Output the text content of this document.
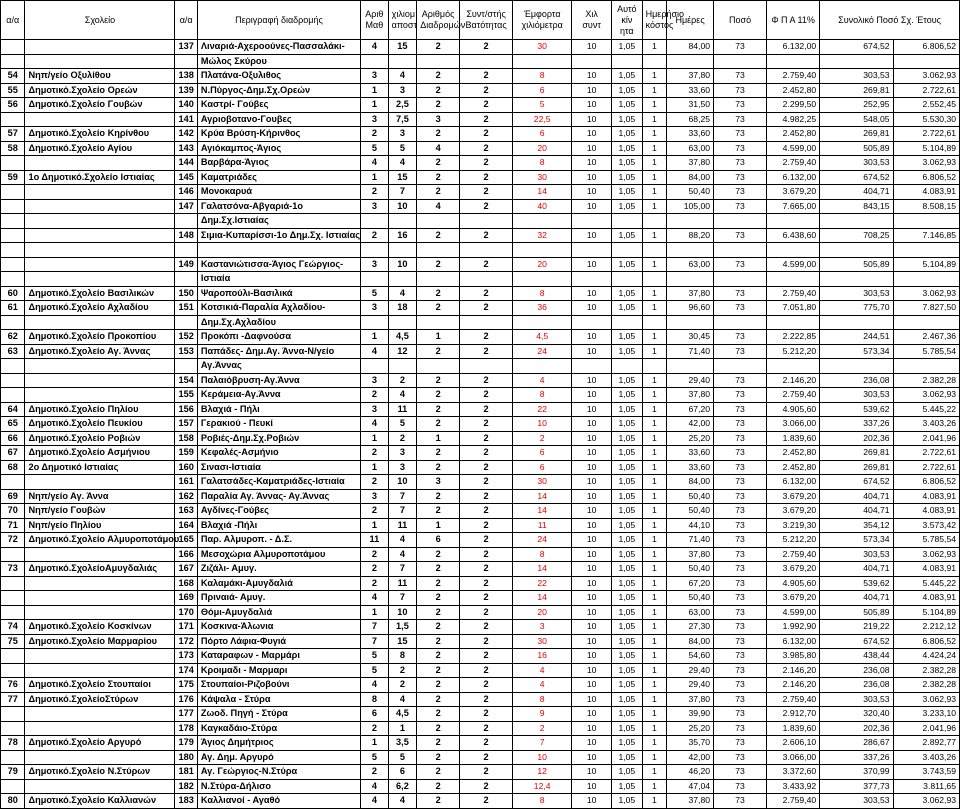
α/α	Σχολείο	α/α	Περιγραφή διαδρομής	Αριθ Μαθ	χιλιομ αποστ	Αριθμός Διαδρομών	Συντ/στής Βατότητας	Έμφορτα χιλιόμετρα	Χιλ συντ	Αυτό κίν ητα	Ημερήσιο κόστος	Ημέρες	Ποσό	Φ Π Α 11%	Συνολικό Ποσό Σχ. Έτους	
		137	Λιναριά-Αχεροούνες-Πασσαλάκι-	4	15	2	2	30	10	1,05	1	84,00	73	6.132,00	674,52	6.806,52
			Μώλος Σκύρου													
54	Νηπ/γείο Οξυλίθου	138	Πλατάνα-Οξυλιθος	3	4	2	2	8	10	1,05	1	37,80	73	2.759,40	303,53	3.062,93
55	Δημοτικό.Σχολείο Ορεών	139	Ν.Πύργος-Δημ.Σχ.Ορεών	1	3	2	2	6	10	1,05	1	33,60	73	2.452,80	269,81	2.722,61
56	Δημοτικό.Σχολείο Γουβών	140	Καστρί- Γούβες	1	2,5	2	2	5	10	1,05	1	31,50	73	2.299,50	252,95	2.552,45
		141	Αγριοβοτανο-Γουβες	3	7,5	3	2	22,5	10	1,05	1	68,25	73	4.982,25	548,05	5.530,30
57	Δημοτικό.Σχολείο Κηρίνθου	142	Κρύα Βρύση-Κήρινθος	2	3	2	2	6	10	1,05	1	33,60	73	2.452,80	269,81	2.722,61
58	Δημοτικό.Σχολείο Αγίου	143	Αγιόκαμπος-Άγιος	5	5	4	2	20	10	1,05	1	63,00	73	4.599,00	505,89	5.104,89
		144	Βαρβάρα-Άγιος	4	4	2	2	8	10	1,05	1	37,80	73	2.759,40	303,53	3.062,93
59	1ο Δημοτικό.Σχολείο Ιστιαίας	145	Καματριάδες	1	15	2	2	30	10	1,05	1	84,00	73	6.132,00	674,52	6.806,52
		146	Μονοκαρυά	2	7	2	2	14	10	1,05	1	50,40	73	3.679,20	404,71	4.083,91
		147	Γαλατσόνα-Αβγαριά-1ο	3	10	4	2	40	10	1,05	1	105,00	73	7.665,00	843,15	8.508,15
			Δημ.Σχ.Ιστιαίας													
		148	Σιμια-Κυπαρίσσι-1ο Δημ.Σχ. Ιστιαίας	2	16	2	2	32	10	1,05	1	88,20	73	6.438,60	708,25	7.146,85

		149	Καστανιώτισσα-Άγιος Γεώργιος-	3	10	2	2	20	10	1,05	1	63,00	73	4.599,00	505,89	5.104,89
			Ιστιαία													
60	Δημοτικό.Σχολείο Βασιλικών	150	Ψαροπούλι-Βασιλικά	5	4	2	2	8	10	1,05	1	37,80	73	2.759,40	303,53	3.062,93
61	Δημοτικό.Σχολείο Αχλαδίου	151	Κοτσικιά-Παραλία Αχλαδίου-	3	18	2	2	36	10	1,05	1	96,60	73	7.051,80	775,70	7.827,50
			Δημ.Σχ.Αχλαδίου													
62	Δημοτικό.Σχολείο Προκοπίου	152	Προκόπι -Δαφνούσα	1	4,5	1	2	4,5	10	1,05	1	30,45	73	2.222,85	244,51	2.467,36
63	Δημοτικό.Σχολείο Αγ. Άννας	153	Παπάδες- Δημ.Αγ. Άννα-Ν/γείο	4	12	2	2	24	10	1,05	1	71,40	73	5.212,20	573,34	5.785,54
			Αγ.Άννας													
		154	Παλαιόβρυση-Αγ.Άννα	3	2	2	2	4	10	1,05	1	29,40	73	2.146,20	236,08	2.382,28
		155	Κεράμεια-Αγ.Άννα	2	4	2	2	8	10	1,05	1	37,80	73	2.759,40	303,53	3.062,93
64	Δημοτικό.Σχολείο Πηλίου	156	Βλαχιά - Πήλι	3	11	2	2	22	10	1,05	1	67,20	73	4.905,60	539,62	5.445,22
65	Δημοτικό.Σχολείο Πευκίου	157	Γερακιού - Πευκί	4	5	2	2	10	10	1,05	1	42,00	73	3.066,00	337,26	3.403,26
66	Δημοτικό.Σχολείο Ροβιών	158	Ροβιές-Δημ.Σχ.Ροβιών	1	2	1	2	2	10	1,05	1	25,20	73	1.839,60	202,36	2.041,96
67	Δημοτικό.Σχολείο Ασμήνιου	159	Κεφαλές-Ασμήνιο	2	3	2	2	6	10	1,05	1	33,60	73	2.452,80	269,81	2.722,61
68	2ο Δημοτικό Ιστιαίας	160	Σινασι-Ιστιαία	1	3	2	2	6	10	1,05	1	33,60	73	2.452,80	269,81	2.722,61
		161	Γαλατσάδες-Καματριάδες-Ιστιαία	2	10	3	2	30	10	1,05	1	84,00	73	6.132,00	674,52	6.806,52
69	Νηπ/γείο Αγ. Άννα	162	Παραλία Αγ. Άννας- Αγ.Άννας	3	7	2	2	14	10	1,05	1	50,40	73	3.679,20	404,71	4.083,91
70	Νηπ/γείο Γουβών	163	Αγδίνες-Γούβες	2	7	2	2	14	10	1,05	1	50,40	73	3.679,20	404,71	4.083,91
71	Νηπ/γείο Πηλίου	164	Βλαχιά -Πήλι	1	11	1	2	11	10	1,05	1	44,10	73	3.219,30	354,12	3.573,42
72	Δημοτικό.Σχολείο Αλμυροποτάμου	165	Παρ. Αλμυροπ. - Δ.Σ.	11	4	6	2	24	10	1,05	1	71,40	73	5.212,20	573,34	5.785,54
		166	Μεσοχώρια Αλμυροποτάμου	2	4	2	2	8	10	1,05	1	37,80	73	2.759,40	303,53	3.062,93
73	Δημοτικό.ΣχολείοΑμυγδαλιάς	167	Ζιζάλι- Αμυγ.	2	7	2	2	14	10	1,05	1	50,40	73	3.679,20	404,71	4.083,91
		168	Καλαμάκι-Αμυγδαλιά	2	11	2	2	22	10	1,05	1	67,20	73	4.905,60	539,62	5.445,22
		169	Πριναιά- Αμυγ.	4	7	2	2	14	10	1,05	1	50,40	73	3.679,20	404,71	4.083,91
		170	Θόμι-Αμυγδαλιά	1	10	2	2	20	10	1,05	1	63,00	73	4.599,00	505,89	5.104,89
74	Δημοτικό.Σχολείο Κοσκίνων	171	Κοσκινα-Άλωνια	7	1,5	2	2	3	10	1,05	1	27,30	73	1.992,90	219,22	2.212,12
75	Δημοτικό.Σχολείο Μαρμαρίου	172	Πόρτο Λάφια-Φυγιά	7	15	2	2	30	10	1,05	1	84,00	73	6.132,00	674,52	6.806,52
		173	Καταραφων - Μαρμάρι	5	8	2	2	16	10	1,05	1	54,60	73	3.985,80	438,44	4.424,24
		174	Κροιμαδι - Μαρμαρι	5	2	2	2	4	10	1,05	1	29,40	73	2.146,20	236,08	2.382,28
76	Δημοτικό.Σχολείο Στουπαίοι	175	Στουπαίοι-Ριζοβούνι	4	2	2	2	4	10	1,05	1	29,40	73	2.146,20	236,08	2.382,28
77	Δημοτικό.ΣχολείοΣτύρων	176	Κάψαλα - Στύρα	8	4	2	2	8	10	1,05	1	37,80	73	2.759,40	303,53	3.062,93
		177	Ζωοδ. Πηγή - Στύρα	6	4,5	2	2	9	10	1,05	1	39,90	73	2.912,70	320,40	3.233,10
		178	Καγκαδάιο-Στύρα	2	1	2	2	2	10	1,05	1	25,20	73	1.839,60	202,36	2.041,96
78	Δημοτικό.Σχολείο Αργυρό	179	Άγιος Δημήτριος	1	3,5	2	2	7	10	1,05	1	35,70	73	2.606,10	286,67	2.892,77
		180	Αγ. Δημ. Αργυρό	5	5	2	2	10	10	1,05	1	42,00	73	3.066,00	337,26	3.403,26
79	Δημοτικό.Σχολείο Ν.Στύρων	181	Αγ. Γεώργιος-Ν.Στύρα	2	6	2	2	12	10	1,05	1	46,20	73	3.372,60	370,99	3.743,59
		182	Ν.Στύρα-Δήλισο	4	6,2	2	2	12,4	10	1,05	1	47,04	73	3.433,92	377,73	3.811,65
80	Δημοτικό.Σχολείο Καλλιανών	183	Καλλιανοί - Αγαθό	4	4	2	2	8	10	1,05	1	37,80	73	2.759,40	303,53	3.062,93
